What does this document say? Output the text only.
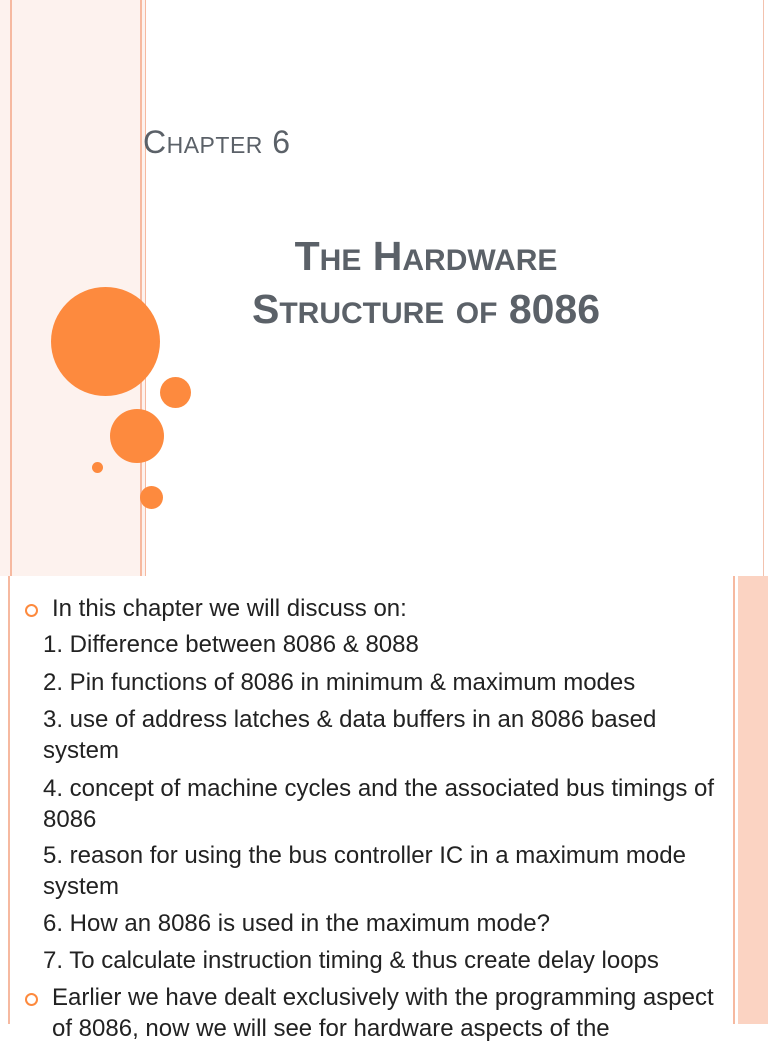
CHAPTER 6
THE HARDWARE
STRUCTURE OF 8086
In this chapter we will discuss on:
1. Difference between 8086 & 8088
2. Pin functions of 8086 in minimum & maximum modes
3. use of address latches & data buffers in an 8086 based system
4. concept of machine cycles and the associated bus timings of 8086
5. reason for using the bus controller IC in a maximum mode system
6. How an 8086 is used in the maximum mode?
7. To calculate instruction timing & thus create delay loops
Earlier we have dealt exclusively with the programming aspect of 8086, now we will see for hardware aspects of the
